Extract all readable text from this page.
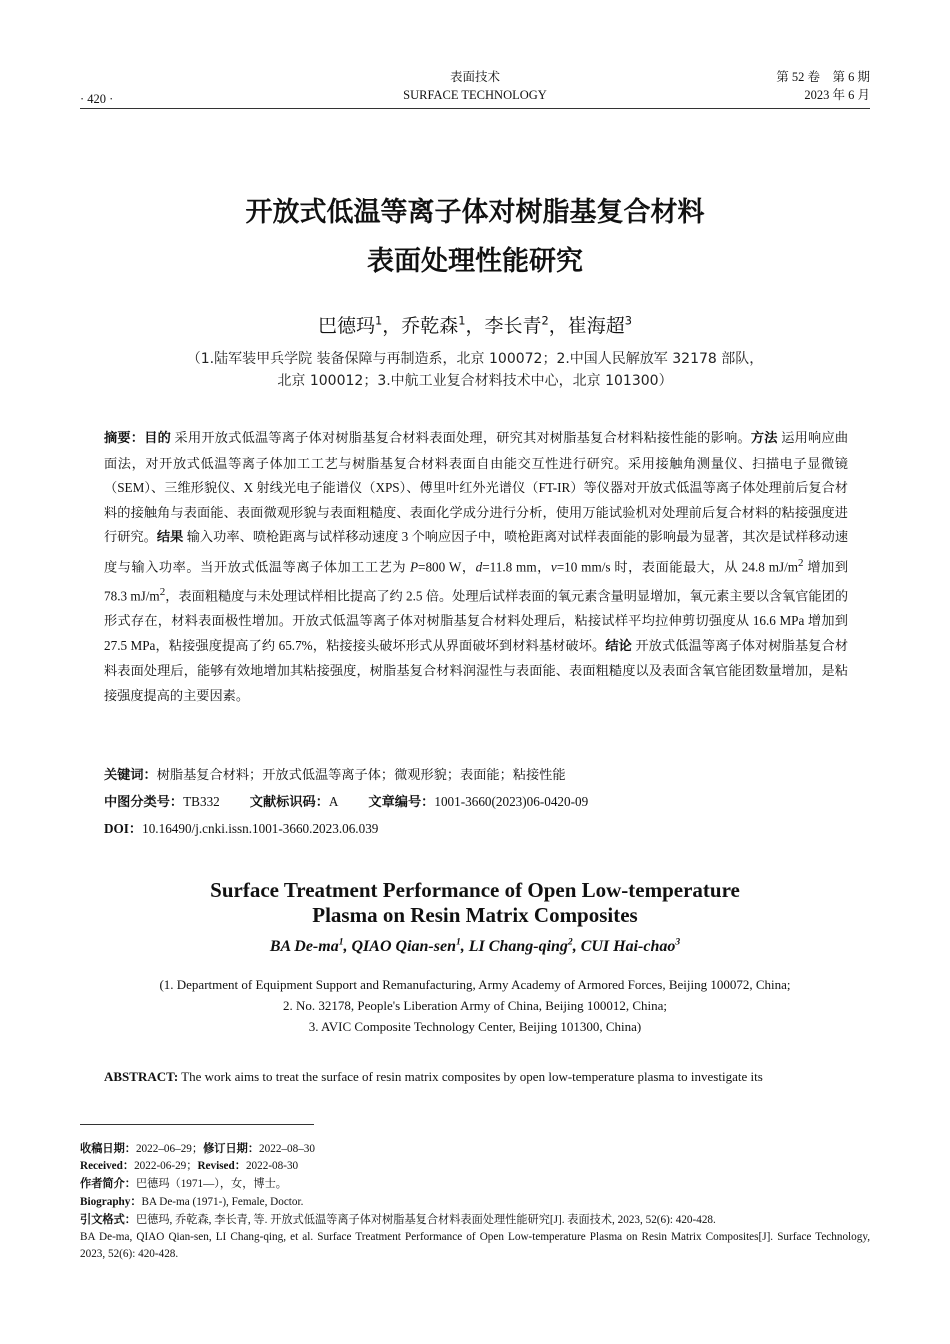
· 420 ·
表面技术
SURFACE TECHNOLOGY
第 52 卷　第 6 期
2023 年 6 月
开放式低温等离子体对树脂基复合材料
表面处理性能研究
巴德玛$^1$，乔乾森$^1$，李长青$^2$，崔海超$^3$
（1.陆军装甲兵学院 装备保障与再制造系，北京 100072；2.中国人民解放军 32178 部队，
北京 100012；3.中航工业复合材料技术中心，北京 101300）
摘要：目的 采用开放式低温等离子体对树脂基复合材料表面处理，研究其对树脂基复合材料粘接性能的影响。方法 运用响应曲面法，对开放式低温等离子体加工工艺与树脂基复合材料表面自由能交互性进行研究。采用接触角测量仪、扫描电子显微镜（SEM）、三维形貌仪、X 射线光电子能谱仪（XPS）、傅里叶红外光谱仪（FT-IR）等仪器对开放式低温等离子体处理前后复合材料的接触角与表面能、表面微观形貌与表面粗糙度、表面化学成分进行分析，使用万能试验机对处理前后复合材料的粘接强度进行研究。结果 输入功率、喷枪距离与试样移动速度 3 个响应因子中，喷枪距离对试样表面能的影响最为显著，其次是试样移动速度与输入功率。当开放式低温等离子体加工工艺为 P=800 W，d=11.8 mm，v=10 mm/s 时，表面能最大，从 24.8 $mJ/m^2$ 增加到 78.3 $mJ/m^2$，表面粗糙度与未处理试样相比提高了约 2.5 倍。处理后试样表面的氧元素含量明显增加，氧元素主要以含氧官能团的形式存在，材料表面极性增加。开放式低温等离子体对树脂基复合材料处理后，粘接试样平均拉伸剪切强度从 16.6 MPa 增加到 27.5 MPa，粘接强度提高了约 65.7%，粘接接头破坏形式从界面破坏到材料基材破坏。结论 开放式低温等离子体对树脂基复合材料表面处理后，能够有效地增加其粘接强度，树脂基复合材料润湿性与表面能、表面粗糙度以及表面含氧官能团数量增加，是粘接强度提高的主要因素。
关键词：树脂基复合材料；开放式低温等离子体；微观形貌；表面能；粘接性能
中图分类号：TB332 文献标识码：A 文章编号：1001-3660(2023)06-0420-09
DOI：10.16490/j.cnki.issn.1001-3660.2023.06.039
Surface Treatment Performance of Open Low-temperature
Plasma on Resin Matrix Composites
BA $De-ma^1$, QIAO Qian-sen$^1$, LI Chang-qing$^2$, CUI Hai-chao$^3$
(1. Department of Equipment Support and Remanufacturing, Army Academy of Armored Forces, Beijing 100072, China;
2. No. 32178, People's Liberation Army of China, Beijing 100012, China;
3. AVIC Composite Technology Center, Beijing 101300, China)
ABSTRACT: The work aims to treat the surface of resin matrix composites by open low-temperature plasma to investigate its
收稿日期：2022–06–29；修订日期：2022–08–30
Received：2022-06-29；Revised：2022-08-30
作者简介：巴德玛（1971—），女，博士。
Biography：BA De-ma (1971-), Female, Doctor.
引文格式：巴德玛, 乔乾森, 李长青, 等. 开放式低温等离子体对树脂基复合材料表面处理性能研究[J]. 表面技术, 2023, 52(6): 420-428.
BA De-ma, QIAO Qian-sen, LI Chang-qing, et al. Surface Treatment Performance of Open Low-temperature Plasma on Resin Matrix Composites[J]. Surface Technology, 2023, 52(6): 420-428.
